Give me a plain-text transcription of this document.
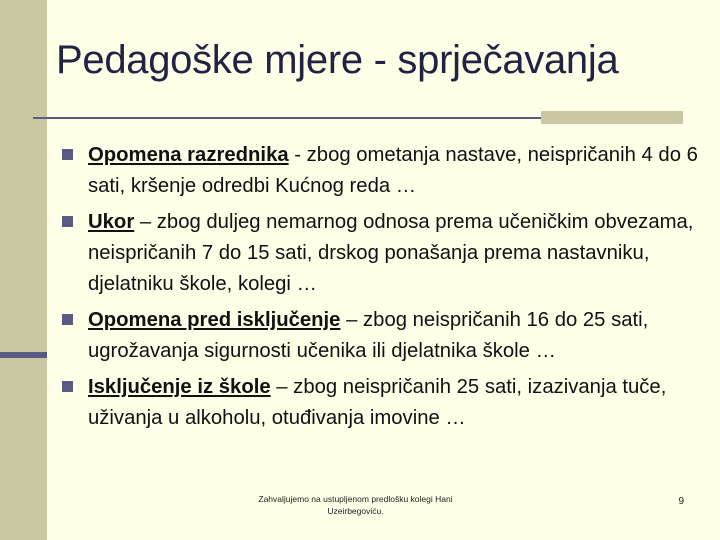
Pedagoške mjere - sprječavanja
Opomena razrednika - zbog ometanja nastave, neispričanih 4 do 6 sati, kršenje odredbi Kućnog reda …
Ukor – zbog duljeg nemarnog odnosa prema učeničkim obvezama, neispričanih 7 do 15 sati, drskog ponašanja prema nastavniku, djelatniku škole, kolegi …
Opomena pred isključenje – zbog neispričanih 16 do 25 sati, ugrožavanja sigurnosti učenika ili djelatnika škole …
Isključenje iz škole – zbog neispričanih 25 sati, izazivanja tuče, uživanja u alkoholu, otuđivanja imovine …
Zahvaljujemo na ustupljenom predlošku kolegi Hani Uzeirbegoviću.
9
